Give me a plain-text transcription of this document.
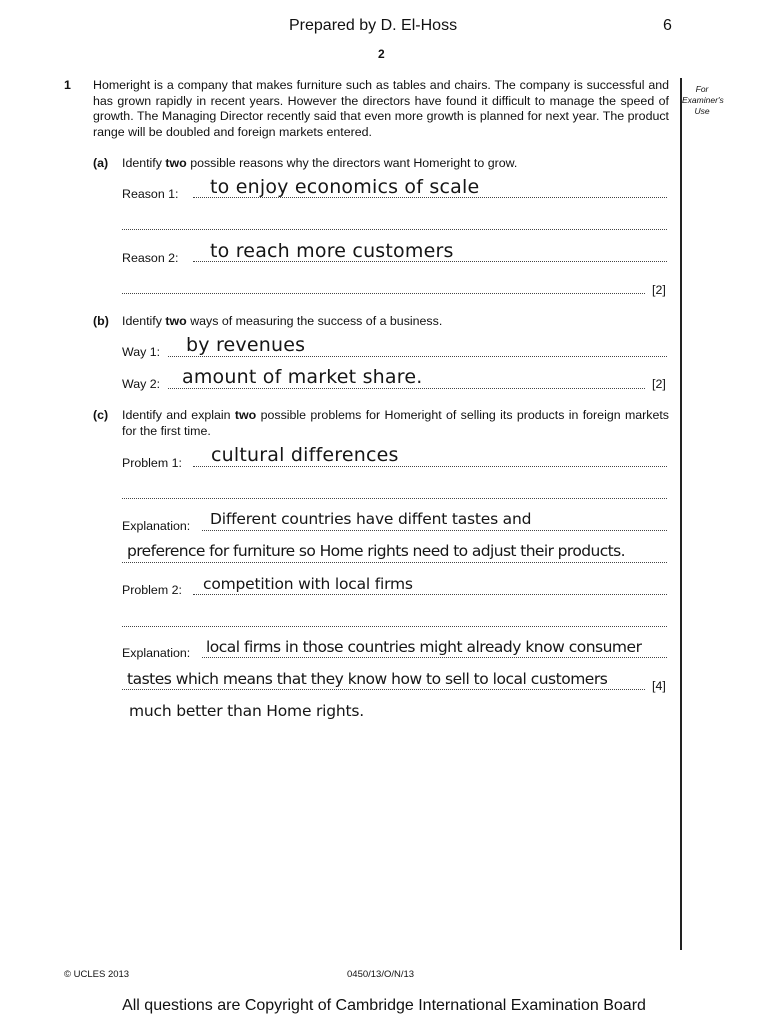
Prepared by D. El-Hoss	6
2
For
Examiner's
Use
1 Homeright is a company that makes furniture such as tables and chairs. The company is successful and has grown rapidly in recent years. However the directors have found it difficult to manage the speed of growth. The Managing Director recently said that even more growth is planned for next year. The product range will be doubled and foreign markets entered.
(a) Identify two possible reasons why the directors want Homeright to grow.
Reason 1: to enjoy economics of scale
Reason 2: to reach more customers
[2]
(b) Identify two ways of measuring the success of a business.
Way 1: by revenues
Way 2: amount of market share.	[2]
(c) Identify and explain two possible problems for Homeright of selling its products in foreign markets for the first time.
Problem 1: cultural differences
Explanation: Different countries have diffent tastes and
preference for furniture so Home rights need to adjust their products.
Problem 2: competition with local firms
Explanation: local firms in those countries might already know consumer
tastes which means that they know how to sell to local customers	[4]
much better than Home rights.
© UCLES 2013	0450/13/O/N/13
All questions are Copyright of Cambridge International Examination Board
